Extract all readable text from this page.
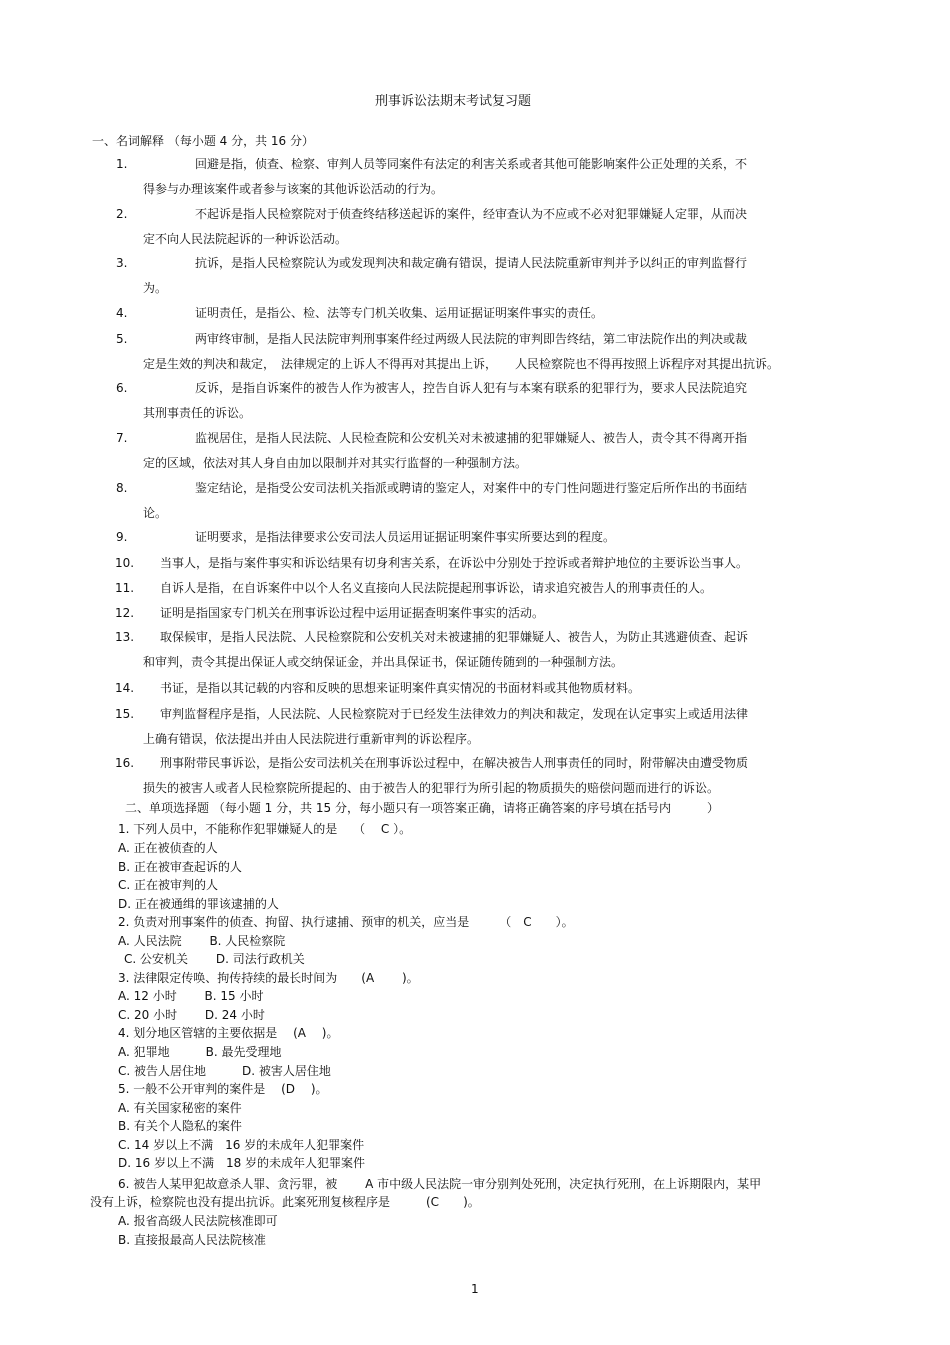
刑事诉讼法期末考试复习题
一、名词解释 （每小题 4 分，共 16 分）
1.	回避是指，侦查、检察、审判人员等同案件有法定的利害关系或者其他可能影响案件公正处理的关系，不
得参与办理该案件或者参与该案的其他诉讼活动的行为。
2.	不起诉是指人民检察院对于侦查终结移送起诉的案件，经审查认为不应或不必对犯罪嫌疑人定罪，从而决
定不向人民法院起诉的一种诉讼活动。
3.	抗诉，是指人民检察院认为或发现判决和裁定确有错误，提请人民法院重新审判并予以纠正的审判监督行
为。
4.	证明责任，是指公、检、法等专门机关收集、运用证据证明案件事实的责任。
5.	两审终审制，是指人民法院审判刑事案件经过两级人民法院的审判即告终结，第二审法院作出的判决或裁
定是生效的判决和裁定，　法律规定的上诉人不得再对其提出上诉，　　人民检察院也不得再按照上诉程序对其提出抗诉。
6.	反诉，是指自诉案件的被告人作为被害人，控告自诉人犯有与本案有联系的犯罪行为，要求人民法院追究
其刑事责任的诉讼。
7.	监视居住，是指人民法院、人民检查院和公安机关对未被逮捕的犯罪嫌疑人、被告人，责令其不得离开指
定的区域，依法对其人身自由加以限制并对其实行监督的一种强制方法。
8.	鉴定结论，是指受公安司法机关指派或聘请的鉴定人，对案件中的专门性问题进行鉴定后所作出的书面结
论。
9.	证明要求，是指法律要求公安司法人员运用证据证明案件事实所要达到的程度。
10. 当事人，是指与案件事实和诉讼结果有切身利害关系，在诉讼中分别处于控诉或者辩护地位的主要诉讼当事人。
11. 自诉人是指，在自诉案件中以个人名义直接向人民法院提起刑事诉讼，请求追究被告人的刑事责任的人。
12. 证明是指国家专门机关在刑事诉讼过程中运用证据查明案件事实的活动。
13. 取保候审，是指人民法院、人民检察院和公安机关对未被逮捕的犯罪嫌疑人、被告人，为防止其逃避侦查、起诉
和审判，责令其提出保证人或交纳保证金，并出具保证书，保证随传随到的一种强制方法。
14. 书证，是指以其记载的内容和反映的思想来证明案件真实情况的书面材料或其他物质材料。
15. 审判监督程序是指，人民法院、人民检察院对于已经发生法律效力的判决和裁定，发现在认定事实上或适用法律
上确有错误，依法提出并由人民法院进行重新审判的诉讼程序。
16. 刑事附带民事诉讼，是指公安司法机关在刑事诉讼过程中，在解决被告人刑事责任的同时，附带解决由遭受物质
损失的被害人或者人民检察院所提起的、由于被告人的犯罪行为所引起的物质损失的赔偿问题而进行的诉讼。
二、单项选择题 （每小题 1 分，共 15 分，每小题只有一项答案正确，请将正确答案的序号填在括号内　　　）
1. 下列人员中，不能称作犯罪嫌疑人的是　 （　 C ）。
A. 正在被侦查的人
B. 正在被审查起诉的人
C. 正在被审判的人
D. 正在被通缉的罪该逮捕的人
2. 负责对刑事案件的侦查、拘留、执行逮捕、预审的机关，应当是　　　（　C　　）。
A. 人民法院　　 B. 人民检察院
C. 公安机关　　 D. 司法行政机关
3. 法律限定传唤、拘传持续的最长时间为　　(A　　 )。
A. 12 小时　　 B. 15 小时
C. 20 小时　　 D. 24 小时
4. 划分地区管辖的主要依据是　 (A　 )。
A. 犯罪地　　　B. 最先受理地
C. 被告人居住地　　　D. 被害人居住地
5. 一般不公开审判的案件是　 (D　 )。
A. 有关国家秘密的案件
B. 有关个人隐私的案件
C. 14 岁以上不满　16 岁的未成年人犯罪案件
D. 16 岁以上不满　18 岁的未成年人犯罪案件
6. 被告人某甲犯故意杀人罪、贪污罪，被　　 A 市中级人民法院一审分别判处死刑，决定执行死刑，在上诉期限内，某甲
没有上诉，检察院也没有提出抗诉。此案死刑复核程序是　　　(C　　)。
A. 报省高级人民法院核准即可
B. 直接报最高人民法院核准
1
